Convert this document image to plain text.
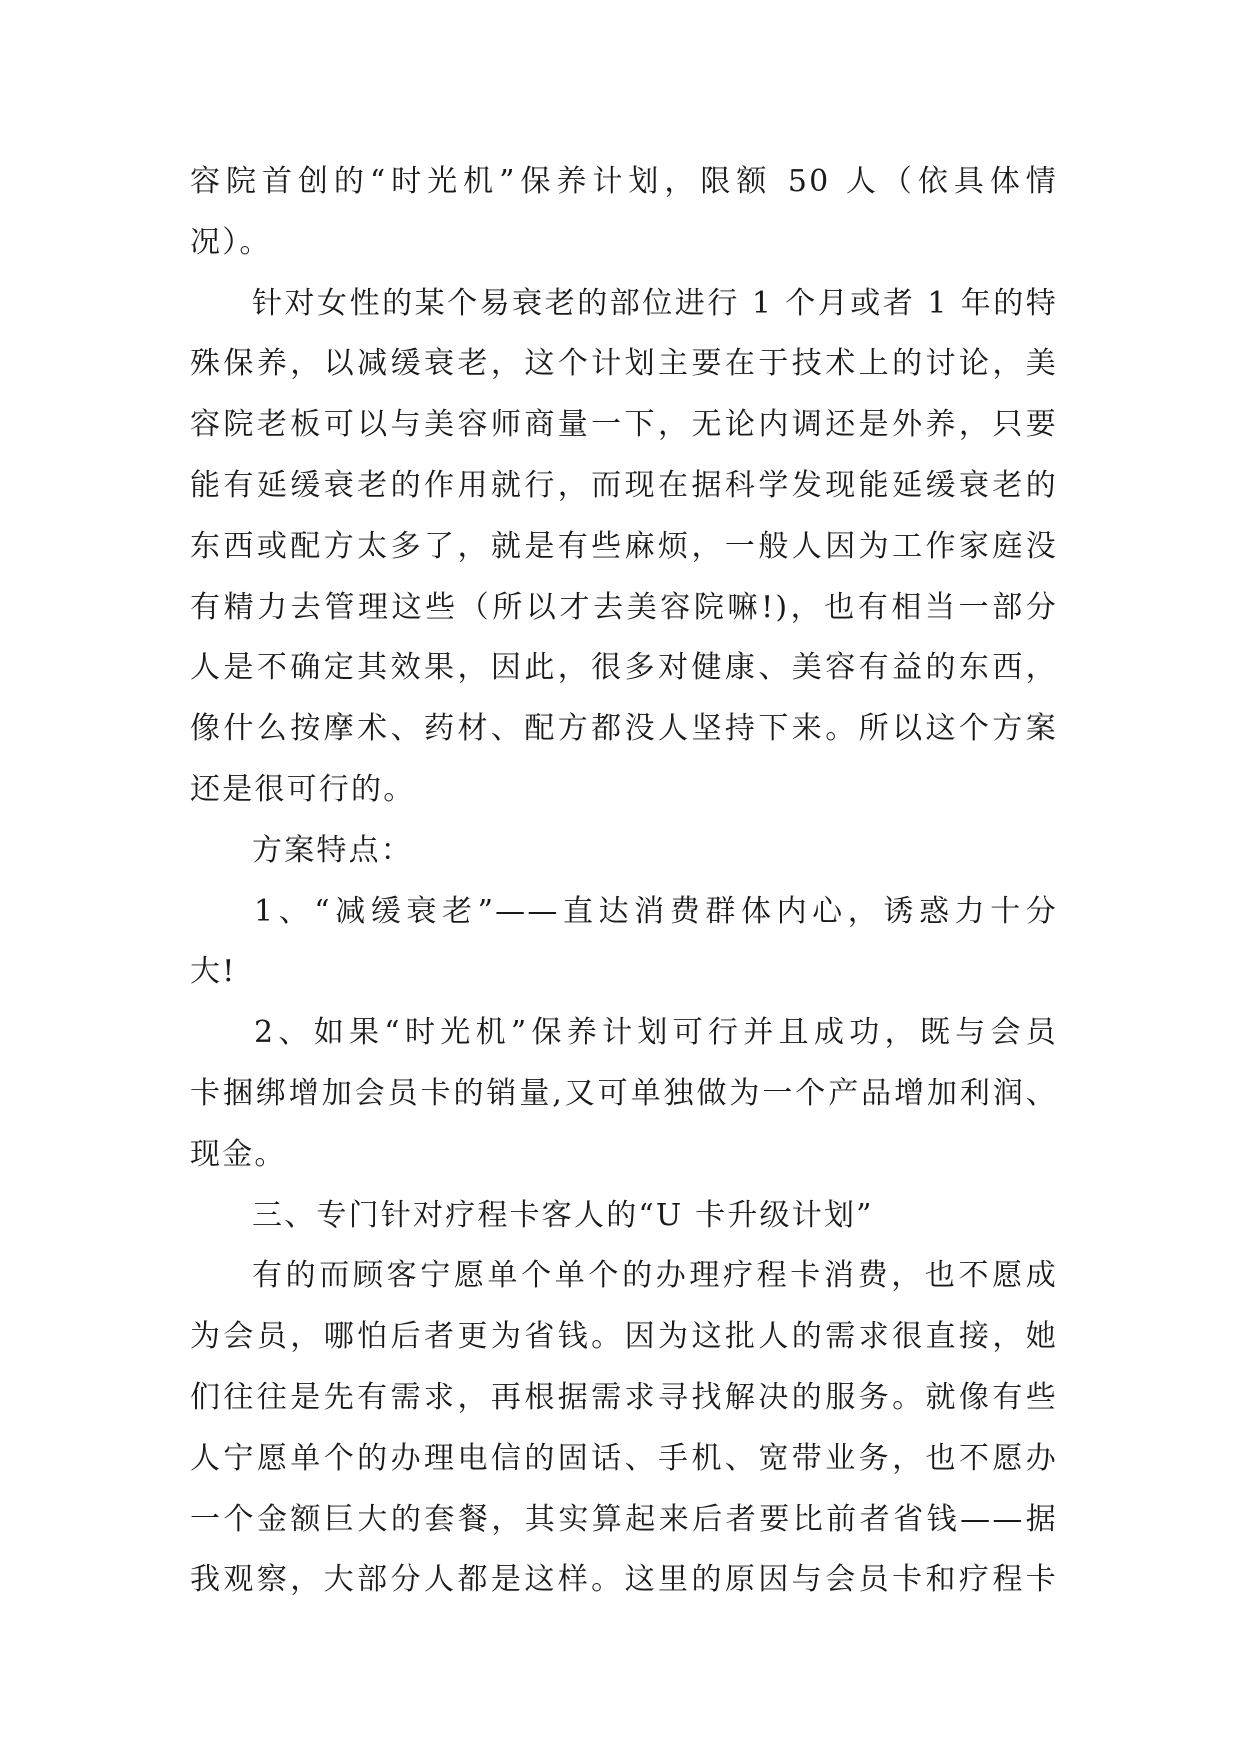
容院首创的“时光机”保养计划，限额 50 人（依具体情
况）。
针对女性的某个易衰老的部位进行 1 个月或者 1 年的特
殊保养，以减缓衰老，这个计划主要在于技术上的讨论，美
容院老板可以与美容师商量一下，无论内调还是外养，只要
能有延缓衰老的作用就行，而现在据科学发现能延缓衰老的
东西或配方太多了，就是有些麻烦，一般人因为工作家庭没
有精力去管理这些（所以才去美容院嘛!)，也有相当一部分
人是不确定其效果，因此，很多对健康、美容有益的东西，
像什么按摩术、药材、配方都没人坚持下来。所以这个方案
还是很可行的。
方案特点：
1、“减缓衰老”——直达消费群体内心，诱惑力十分
大!
2、如果“时光机”保养计划可行并且成功，既与会员
卡捆绑增加会员卡的销量,又可单独做为一个产品增加利润、
现金。
三、专门针对疗程卡客人的“U 卡升级计划”
有的而顾客宁愿单个单个的办理疗程卡消费，也不愿成
为会员，哪怕后者更为省钱。因为这批人的需求很直接，她
们往往是先有需求，再根据需求寻找解决的服务。就像有些
人宁愿单个的办理电信的固话、手机、宽带业务，也不愿办
一个金额巨大的套餐，其实算起来后者要比前者省钱——据
我观察，大部分人都是这样。这里的原因与会员卡和疗程卡
